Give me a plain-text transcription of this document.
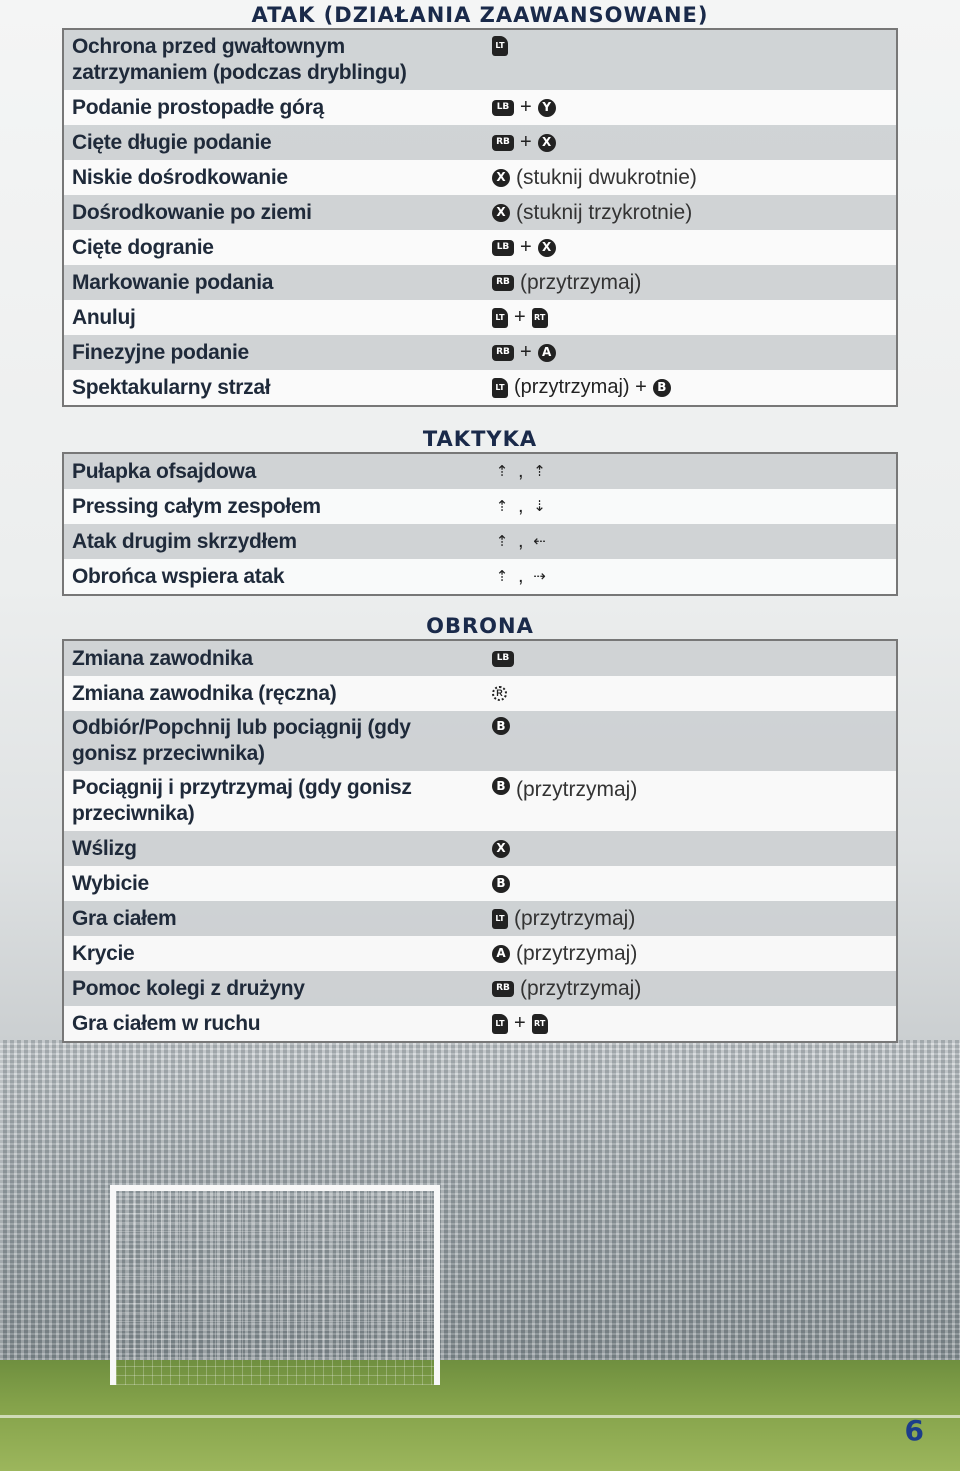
ATAK (DZIAŁANIA ZAAWANSOWANE)
Ochrona przed gwałtownym zatrzymaniem (podczas dryblingu)	LT

Podanie prostopadłe górą	LB + Y

Cięte długie podanie	RB + X

Niskie dośrodkowanie	X (stuknij dwukrotnie)

Dośrodkowanie po ziemi	X (stuknij trzykrotnie)

Cięte dogranie	LB + X

Markowanie podania	RB (przytrzymaj)

Anuluj	LT + RT

Finezyjne podanie	RB + A

Spektakularny strzał	LT (przytrzymaj) + B
TAKTYKA
Pułapka ofsajdowa	⇡ , ⇡

Pressing całym zespołem	⇡ , ⇣

Atak drugim skrzydłem	⇡ , ⇠

Obrońca wspiera atak	⇡ , ⇢
OBRONA
Zmiana zawodnika	LB

Zmiana zawodnika (ręczna)	R

Odbiór/Popchnij lub pociągnij (gdy gonisz przeciwnika)	B

Pociągnij i przytrzymaj (gdy gonisz przeciwnika)	B (przytrzymaj)

Wślizg	X

Wybicie	B

Gra ciałem	LT (przytrzymaj)

Krycie	A (przytrzymaj)

Pomoc kolegi z drużyny	RB (przytrzymaj)

Gra ciałem w ruchu	LT + RT
6
